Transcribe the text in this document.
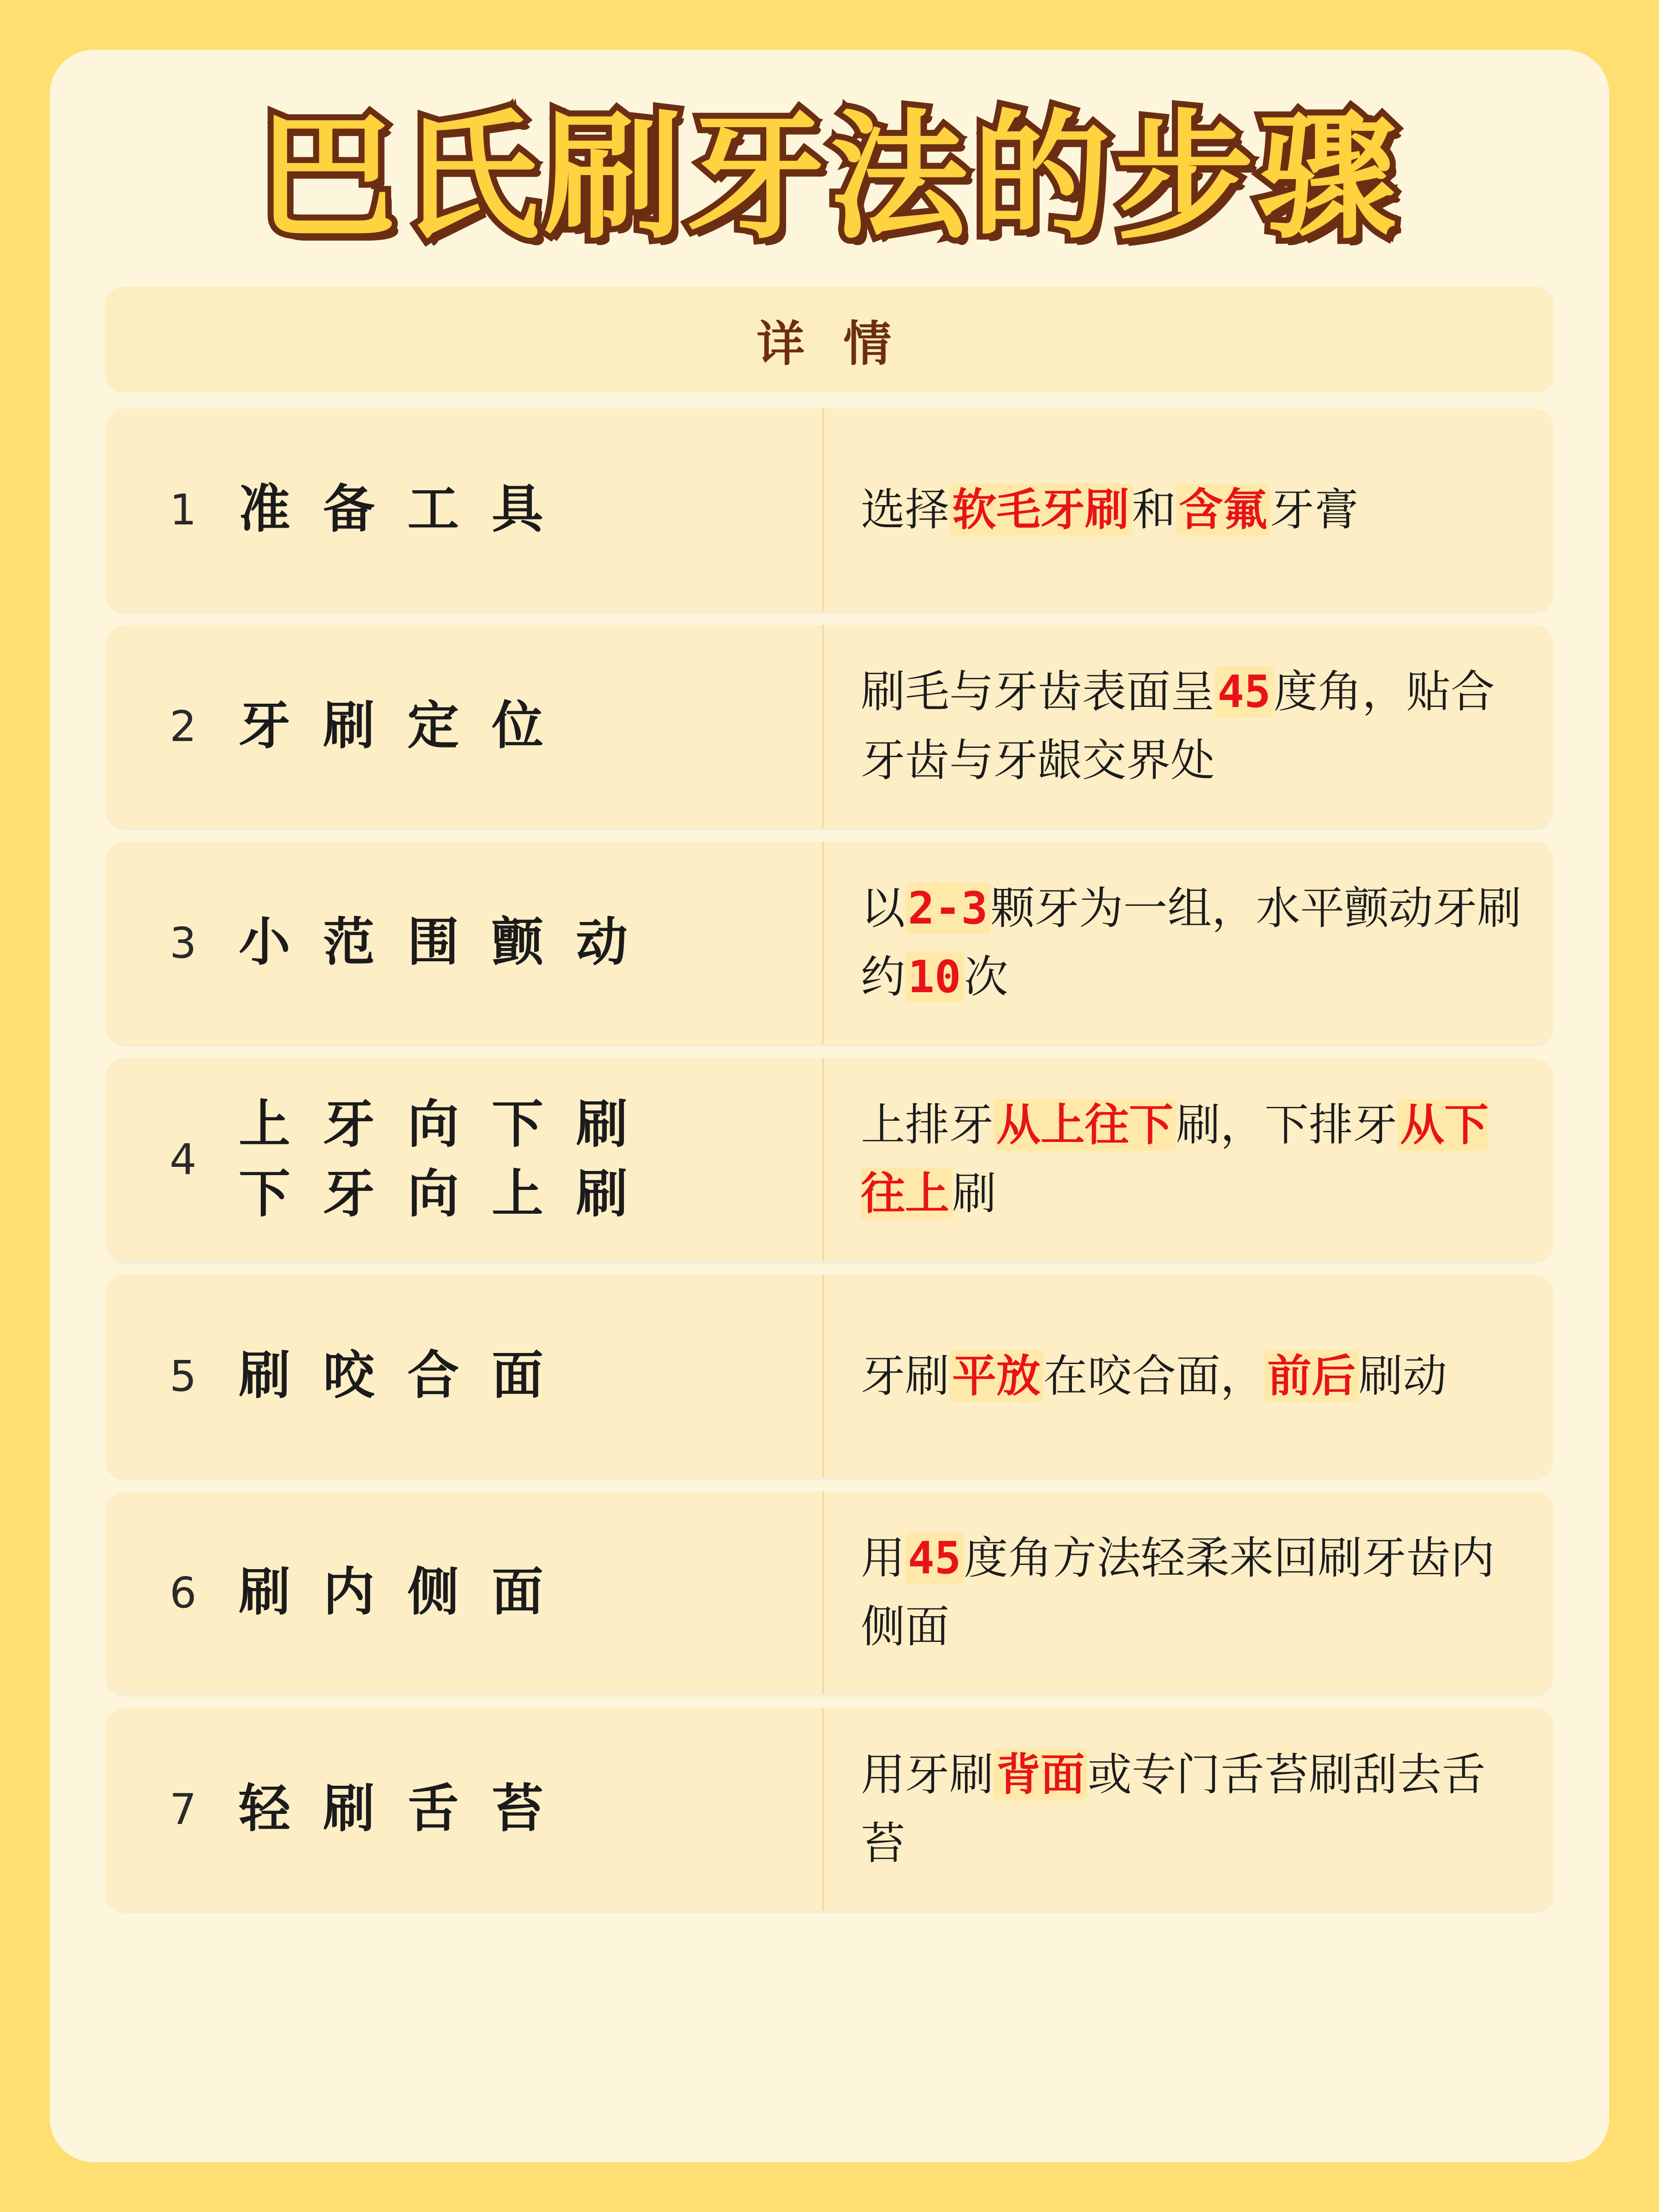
巴氏刷牙法的步骤
详 情
1 准 备 工 具	选择软毛牙刷和含氟牙膏
2 牙 刷 定 位
刷毛与牙齿表面呈45度角，贴合牙齿与牙龈交界处
3 小 范 围 颤 动
以2-3颗牙为一组，水平颤动牙刷约10次
4
上 牙 向 下 刷
下 牙 向 上 刷
上排牙从上往下刷，下排牙从下往上刷
5 刷 咬 合 面	牙刷平放在咬合面，前后刷动
6 刷 内 侧 面
用45度角方法轻柔来回刷牙齿内侧面
7 轻 刷 舌 苔
用牙刷背面或专门舌苔刷刮去舌苔
